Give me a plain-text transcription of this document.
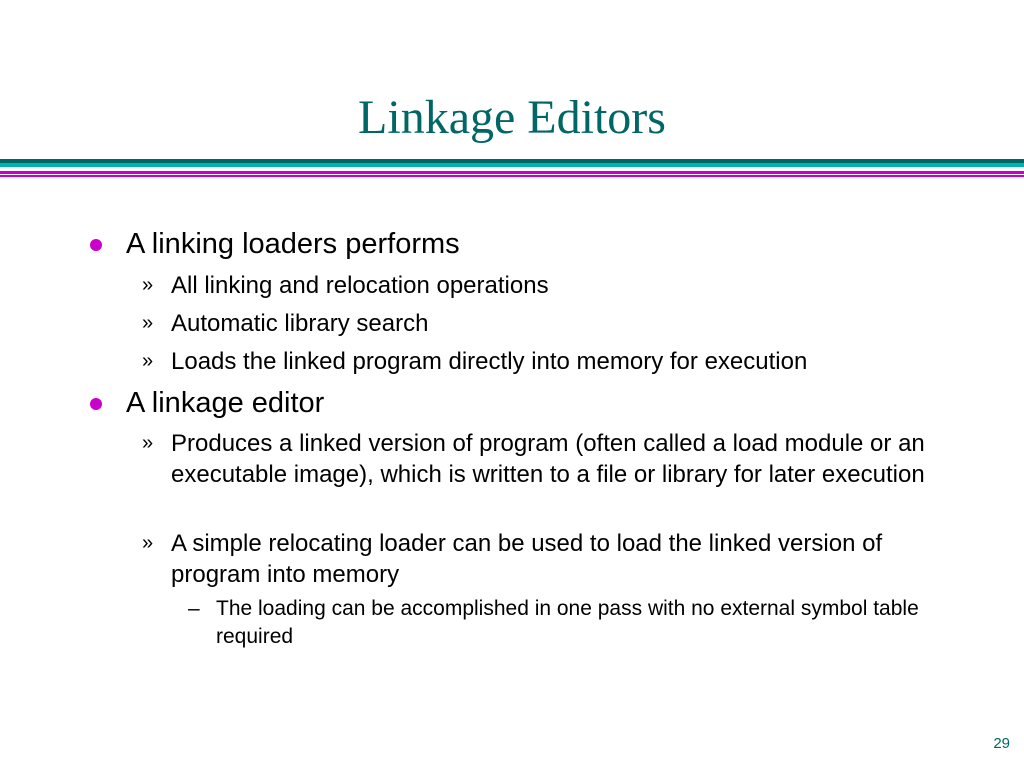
Linkage Editors
A linking loaders performs
» All linking and relocation operations
» Automatic library search
» Loads the linked program directly into memory for execution
A linkage editor
» Produces a linked version of program (often called a load module or an executable image), which is written to a file or library for later execution
» A simple relocating loader can be used to load the linked version of program into memory
– The loading can be accomplished in one pass with no external symbol table required
29
